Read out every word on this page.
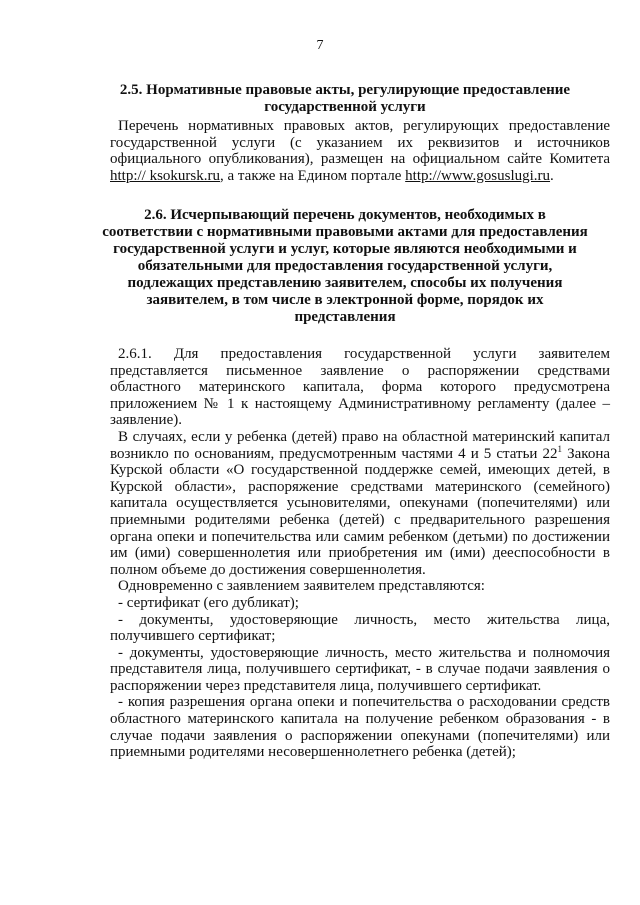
7
2.5. Нормативные правовые акты, регулирующие предоставление государственной услуги
Перечень нормативных правовых актов, регулирующих предоставление государственной услуги (с указанием их реквизитов и источников официального опубликования), размещен на официальном сайте Комитета http:// ksokursk.ru, а также на Едином портале http://www.gosuslugi.ru.
2.6. Исчерпывающий перечень документов, необходимых в соответствии с нормативными правовыми актами для предоставления государственной услуги и услуг, которые являются необходимыми и обязательными для предоставления государственной услуги, подлежащих представлению заявителем, способы их получения заявителем, в том числе в электронной форме, порядок их представления
2.6.1. Для предоставления государственной услуги заявителем представляется письменное заявление о распоряжении средствами областного материнского капитала, форма которого предусмотрена приложением № 1 к настоящему Административному регламенту (далее – заявление).
В случаях, если у ребенка (детей) право на областной материнский капитал возникло по основаниям, предусмотренным частями 4 и 5 статьи $22^1$ Закона Курской области «О государственной поддержке семей, имеющих детей, в Курской области», распоряжение средствами материнского (семейного) капитала осуществляется усыновителями, опекунами (попечителями) или приемными родителями ребенка (детей) с предварительного разрешения органа опеки и попечительства или самим ребенком (детьми) по достижении им (ими) совершеннолетия или приобретения им (ими) дееспособности в полном объеме до достижения совершеннолетия.
Одновременно с заявлением заявителем представляются:
- сертификат (его дубликат);
- документы, удостоверяющие личность, место жительства лица, получившего сертификат;
- документы, удостоверяющие личность, место жительства и полномочия представителя лица, получившего сертификат, - в случае подачи заявления о распоряжении через представителя лица, получившего сертификат.
- копия разрешения органа опеки и попечительства о расходовании средств областного материнского капитала на получение ребенком образования - в случае подачи заявления о распоряжении опекунами (попечителями) или приемными родителями несовершеннолетнего ребенка (детей);
